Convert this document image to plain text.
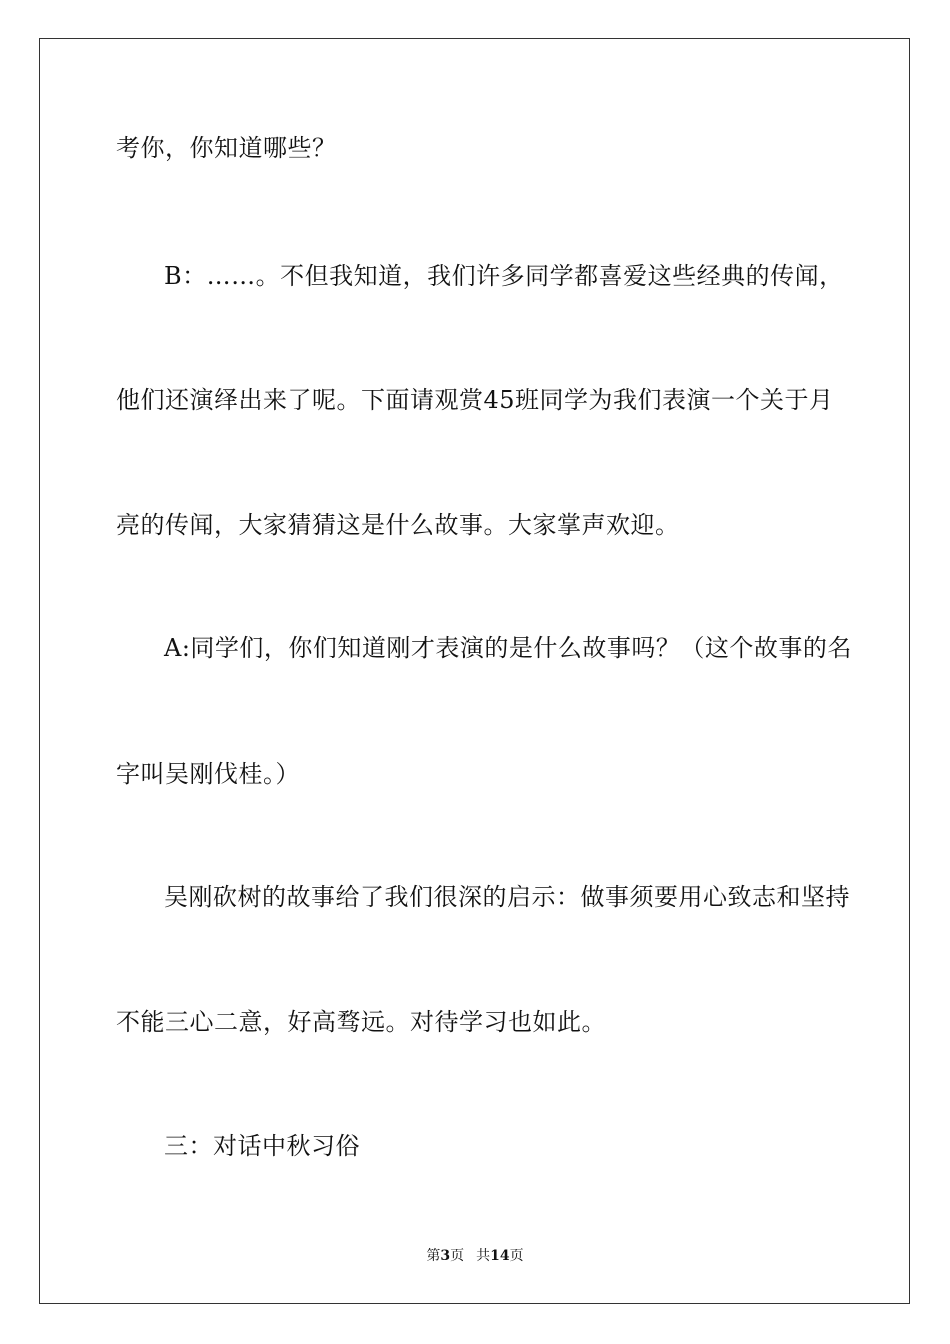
考你，你知道哪些？
B：……。不但我知道，我们许多同学都喜爱这些经典的传闻，
他们还演绎出来了呢。下面请观赏45班同学为我们表演一个关于月
亮的传闻，大家猜猜这是什么故事。大家掌声欢迎。
A:同学们，你们知道刚才表演的是什么故事吗？（这个故事的名
字叫吴刚伐桂。）
吴刚砍树的故事给了我们很深的启示：做事须要用心致志和坚持
不能三心二意，好高骛远。对待学习也如此。
三：对话中秋习俗
第3页 共14页
